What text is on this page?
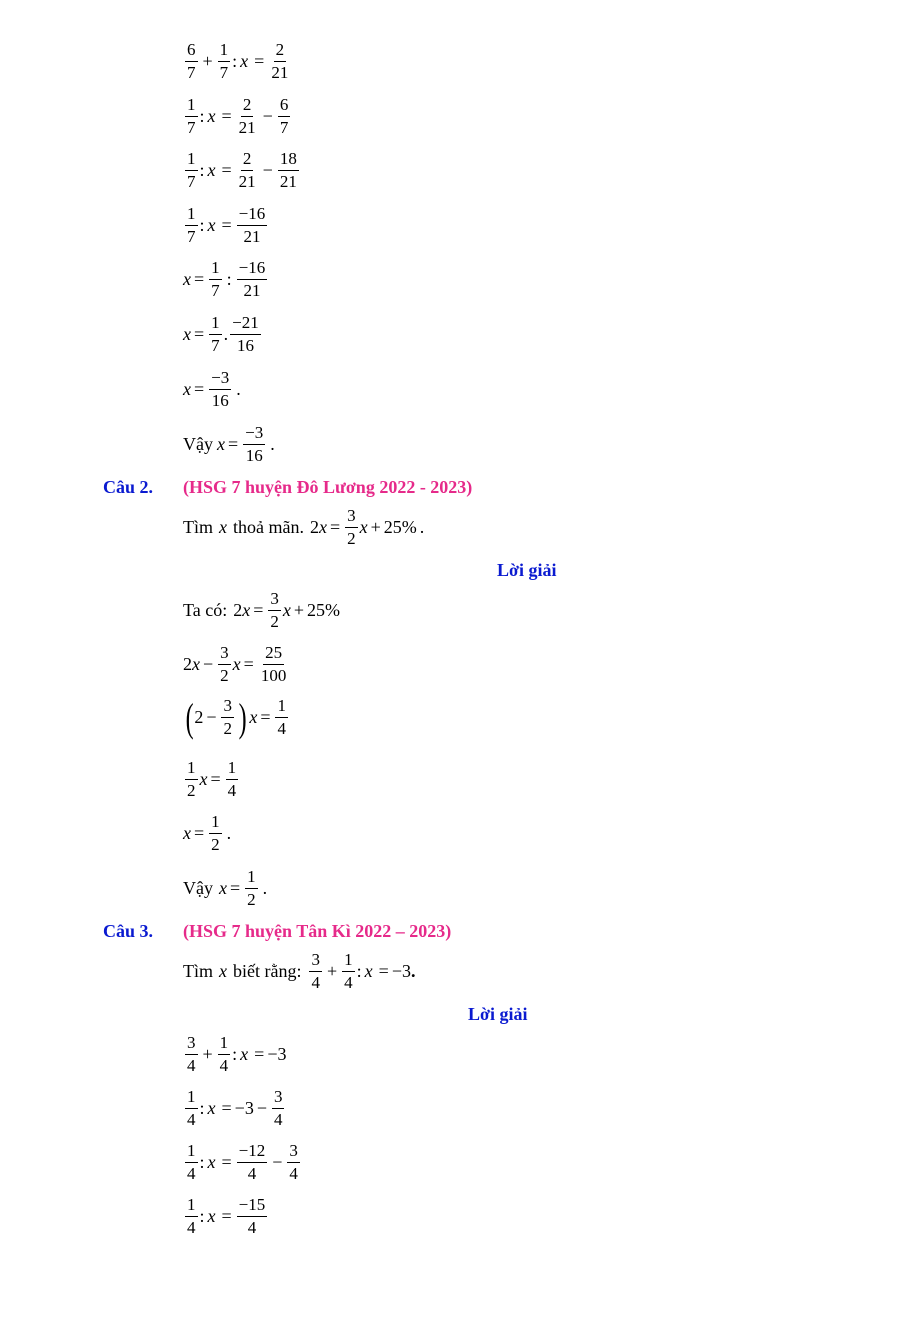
$\frac{6}{7} + \frac{1}{7}$ : $x = \frac{2}{21}$
$\frac{1}{7}$ : $x = \frac{2}{21} - \frac{6}{7}$
$\frac{1}{7}$ : $x = \frac{2}{21} - \frac{18}{21}$
$\frac{1}{7}$ : $x = \frac{-16}{21}$
$x = \frac{1}{7}$ : $\frac{-16}{21}$
$x = \frac{1}{7}$ . $\frac{-21}{16}$
$x = \frac{-3}{16}$ .
Vậy $x = \frac{-3}{16}$ .
Câu 2. (HSG 7 huyện Đô Lương 2022 - 2023)
Tìm x thoả mãn. 2 $x = \frac{3}{2}$ x + 25% .
Lời giải
Ta có: 2 $x = \frac{3}{2}$ x + 25%
2 $x - \frac{3}{2}$ $x = \frac{25}{100}$
( $2 - \frac{3}{2}$ ) $x = \frac{1}{4}$
$\frac{1}{2}$ $x = \frac{1}{4}$
$x = \frac{1}{2}$ .
Vậy $x = \frac{1}{2}$ .
Câu 3. (HSG 7 huyện Tân Kì 2022 – 2023)
Tìm x biết rằng: $\frac{3}{4} + \frac{1}{4}$ : x = −3 .
Lời giải
$\frac{3}{4} + \frac{1}{4}$ : x = −3
$\frac{1}{4}$ : $x = -3 - \frac{3}{4}$
$\frac{1}{4}$ : $x = \frac{-12}{4} - \frac{3}{4}$
$\frac{1}{4}$ : $x = \frac{-15}{4}$
